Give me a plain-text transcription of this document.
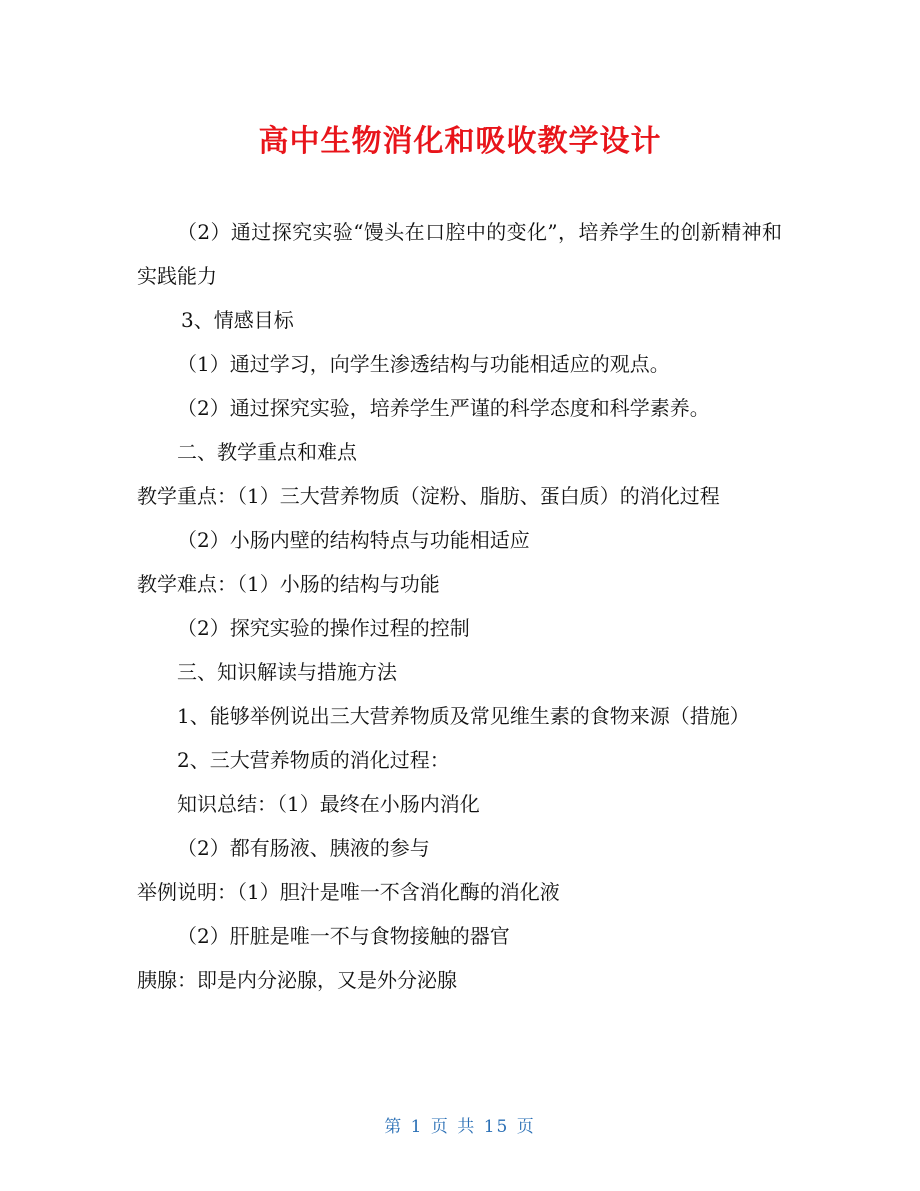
高中生物消化和吸收教学设计

（2）通过探究实验“馒头在口腔中的变化”，培养学生的创新精神和实践能力

3、情感目标

（1）通过学习，向学生渗透结构与功能相适应的观点。

（2）通过探究实验，培养学生严谨的科学态度和科学素养。

二、教学重点和难点

教学重点：（1）三大营养物质（淀粉、脂肪、蛋白质）的消化过程

（2）小肠内壁的结构特点与功能相适应

教学难点：（1）小肠的结构与功能

（2）探究实验的操作过程的控制

三、知识解读与措施方法

1、能够举例说出三大营养物质及常见维生素的食物来源（措施）

2、三大营养物质的消化过程：

知识总结：（1）最终在小肠内消化

（2）都有肠液、胰液的参与

举例说明：（1）胆汁是唯一不含消化酶的消化液

（2）肝脏是唯一不与食物接触的器官

胰腺：即是内分泌腺，又是外分泌腺

第 1 页 共 15 页
